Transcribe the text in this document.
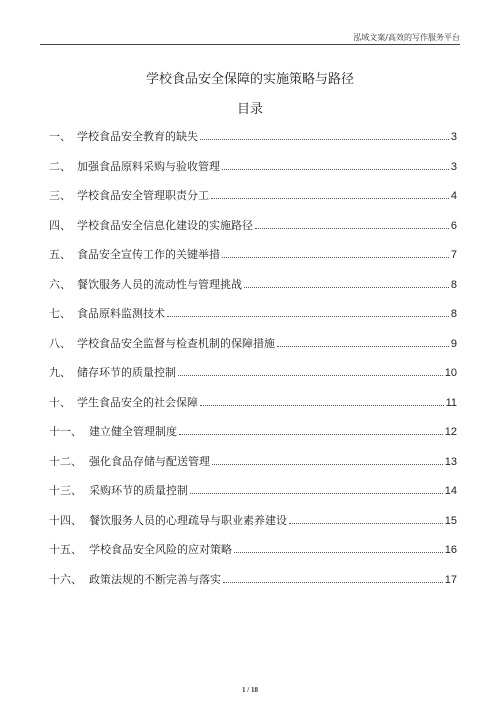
泓域文案/高效的写作服务平台
学校食品安全保障的实施策略与路径
目录
一、 学校食品安全教育的缺失	3
二、 加强食品原料采购与验收管理	3
三、 学校食品安全管理职责分工	4
四、 学校食品安全信息化建设的实施路径	6
五、 食品安全宣传工作的关键举措	7
六、 餐饮服务人员的流动性与管理挑战	8
七、 食品原料监测技术	8
八、 学校食品安全监督与检查机制的保障措施	9
九、 储存环节的质量控制	10
十、 学生食品安全的社会保障	11
十一、 建立健全管理制度	12
十二、 强化食品存储与配送管理	13
十三、 采购环节的质量控制	14
十四、 餐饮服务人员的心理疏导与职业素养建设	15
十五、 学校食品安全风险的应对策略	16
十六、 政策法规的不断完善与落实	17
1 / 18
